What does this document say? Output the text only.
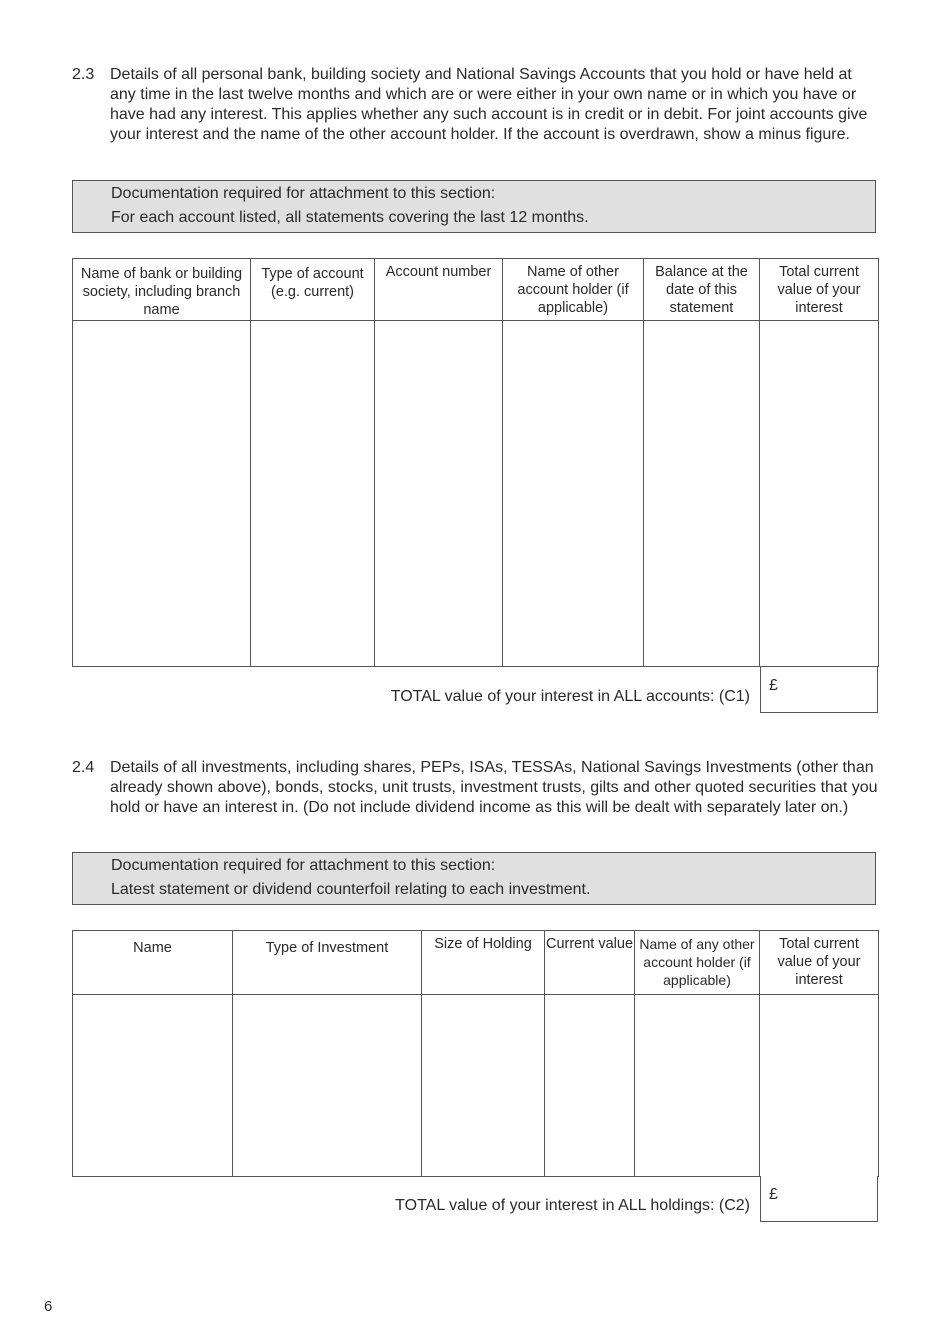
2.3 Details of all personal bank, building society and National Savings Accounts that you hold or have held at any time in the last twelve months and which are or were either in your own name or in which you have or have had any interest. This applies whether any such account is in credit or in debit. For joint accounts give your interest and the name of the other account holder. If the account is overdrawn, show a minus figure.
Documentation required for attachment to this section:
For each account listed, all statements covering the last 12 months.
Name of bank or building society, including branch name	Type of account (e.g. current)	Account number	Name of other account holder (if applicable)	Balance at the date of this statement	Total current value of your interest

TOTAL value of your interest in ALL accounts: (C1)
£
2.4 Details of all investments, including shares, PEPs, ISAs, TESSAs, National Savings Investments (other than already shown above), bonds, stocks, unit trusts, investment trusts, gilts and other quoted securities that you hold or have an interest in. (Do not include dividend income as this will be dealt with separately later on.)
Documentation required for attachment to this section:
Latest statement or dividend counterfoil relating to each investment.
Name	Type of Investment	Size of Holding	Current value	Name of any other account holder (if applicable)	Total current value of your interest

TOTAL value of your interest in ALL holdings: (C2)
£
6
